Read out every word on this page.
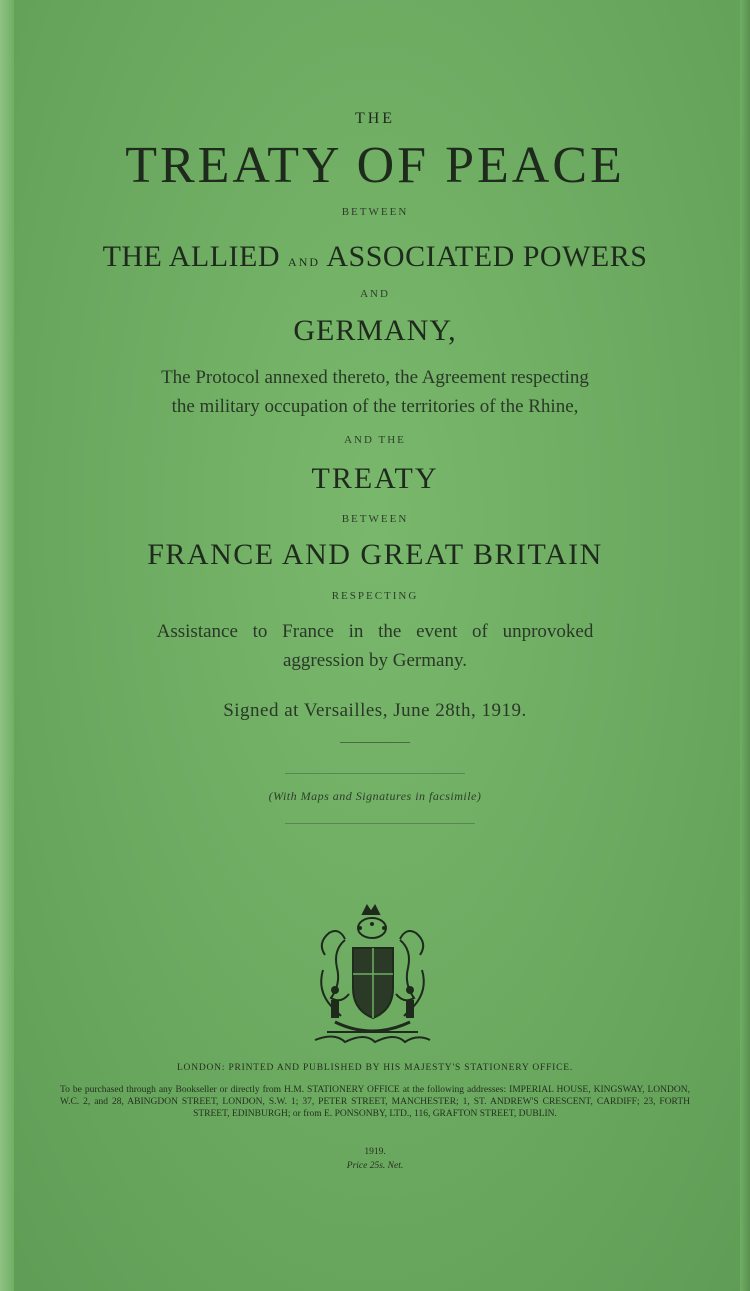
THE
TREATY OF PEACE
BETWEEN
THE ALLIED AND ASSOCIATED POWERS
AND
GERMANY,
The Protocol annexed thereto, the Agreement respecting
the military occupation of the territories of the Rhine,
AND THE
TREATY
BETWEEN
FRANCE AND GREAT BRITAIN
RESPECTING
Assistance to France in the event of unprovoked
aggression by Germany.
Signed at Versailles, June 28th, 1919.
(With Maps and Signatures in facsimile)
LONDON: PRINTED AND PUBLISHED BY HIS MAJESTY'S STATIONERY OFFICE.
To be purchased through any Bookseller or directly from H.M. STATIONERY OFFICE at the following addresses: IMPERIAL HOUSE, KINGSWAY, LONDON, W.C. 2, and 28, ABINGDON STREET, LONDON, S.W. 1; 37, PETER STREET, MANCHESTER; 1, ST. ANDREW'S CRESCENT, CARDIFF; 23, FORTH STREET, EDINBURGH; or from E. PONSONBY, LTD., 116, GRAFTON STREET, DUBLIN.
1919.
Price 25s. Net.
